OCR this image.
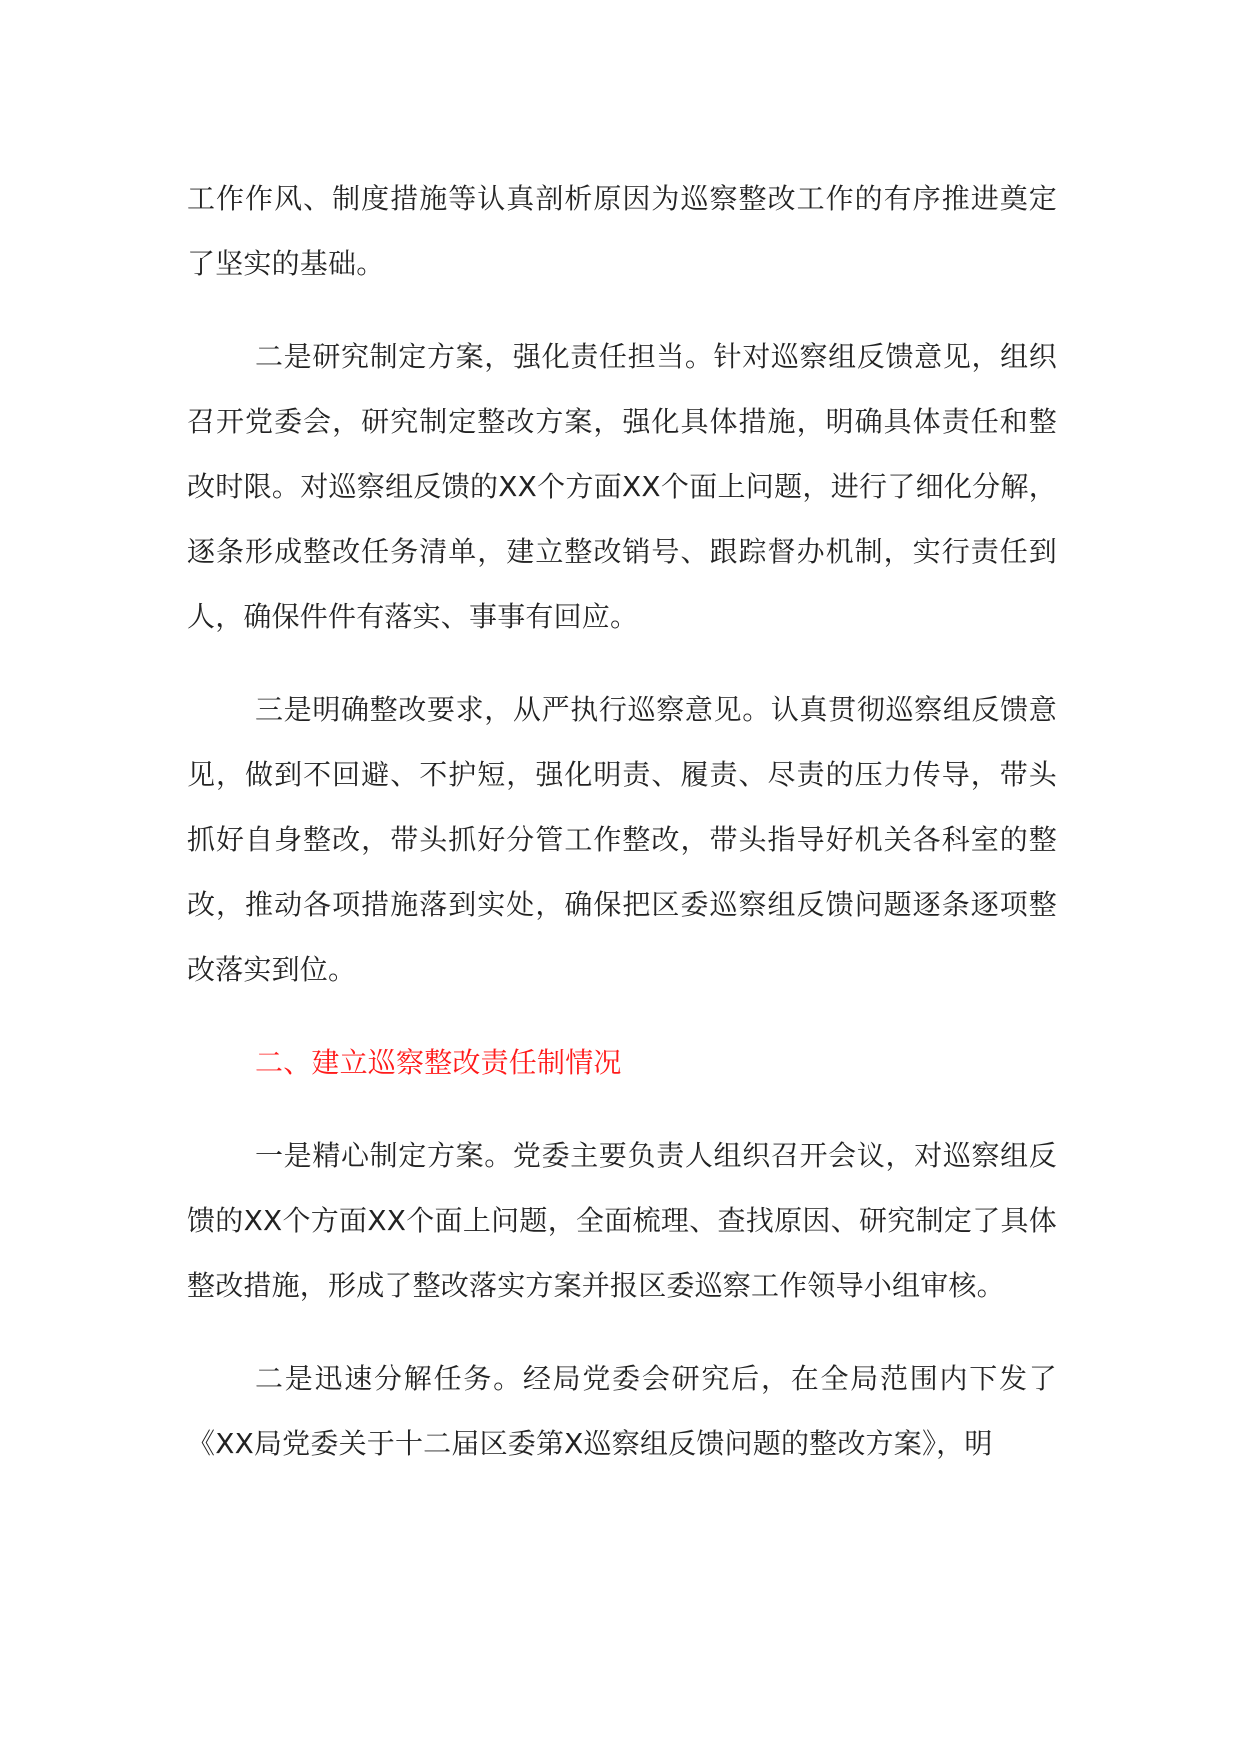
工作作风、制度措施等认真剖析原因为巡察整改工作的有序推进奠定了坚实的基础。

二是研究制定方案，强化责任担当。针对巡察组反馈意见，组织召开党委会，研究制定整改方案，强化具体措施，明确具体责任和整改时限。对巡察组反馈的XX个方面XX个面上问题，进行了细化分解，逐条形成整改任务清单，建立整改销号、跟踪督办机制，实行责任到人，确保件件有落实、事事有回应。

三是明确整改要求，从严执行巡察意见。认真贯彻巡察组反馈意见，做到不回避、不护短，强化明责、履责、尽责的压力传导，带头抓好自身整改，带头抓好分管工作整改，带头指导好机关各科室的整改，推动各项措施落到实处，确保把区委巡察组反馈问题逐条逐项整改落实到位。

二、建立巡察整改责任制情况

一是精心制定方案。党委主要负责人组织召开会议，对巡察组反馈的XX个方面XX个面上问题，全面梳理、查找原因、研究制定了具体整改措施，形成了整改落实方案并报区委巡察工作领导小组审核。

二是迅速分解任务。经局党委会研究后，在全局范围内下发了《XX局党委关于十二届区委第X巡察组反馈问题的整改方案》，明
